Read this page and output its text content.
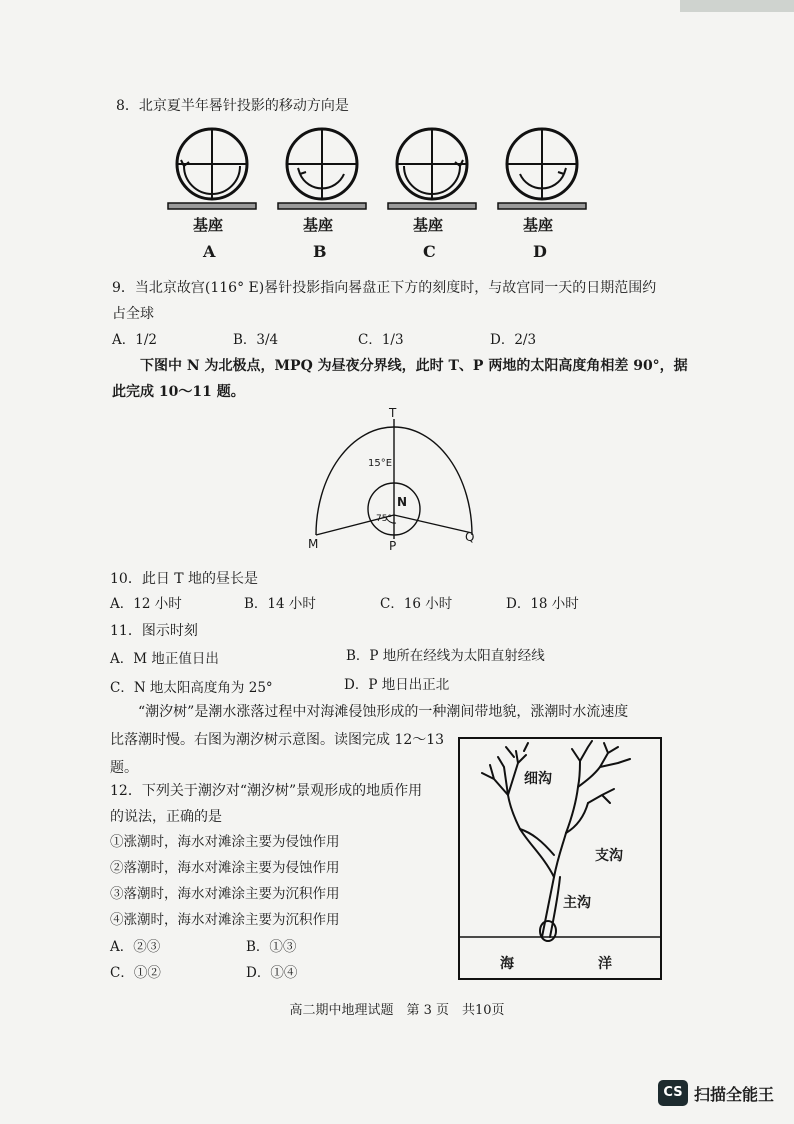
8．北京夏半年晷针投影的移动方向是
基座	基座	基座	基座
A	B	C	D
9．当北京故宫(116° E)晷针投影指向晷盘正下方的刻度时，与故宫同一天的日期范围约
占全球
A．1/2	B．3/4	C．1/3	D．2/3
下图中 N 为北极点，MPQ 为昼夜分界线，此时 T、P 两地的太阳高度角相差 90°，据
此完成 10～11 题。
T
15°E
N
75°
M	P
Q
10．此日 T 地的昼长是
A．12 小时	B．14 小时	C．16 小时	D．18 小时
11．图示时刻
A．M 地正值日出	B．P 地所在经线为太阳直射经线
C．N 地太阳高度角为 25°	D．P 地日出正北
“潮汐树”是潮水涨落过程中对海滩侵蚀形成的一种潮间带地貌，涨潮时水流速度
比落潮时慢。右图为潮汐树示意图。读图完成 12～13
题。
12．下列关于潮汐对“潮汐树”景观形成的地质作用
的说法，正确的是
①涨潮时，海水对滩涂主要为侵蚀作用
②落潮时，海水对滩涂主要为侵蚀作用
③落潮时，海水对滩涂主要为沉积作用
④涨潮时，海水对滩涂主要为沉积作用
A．②③	B．①③
C．①②	D．①④
细沟
支沟
主沟
海	洋
高二期中地理试题　第 3 页　共10页
CS 扫描全能王
